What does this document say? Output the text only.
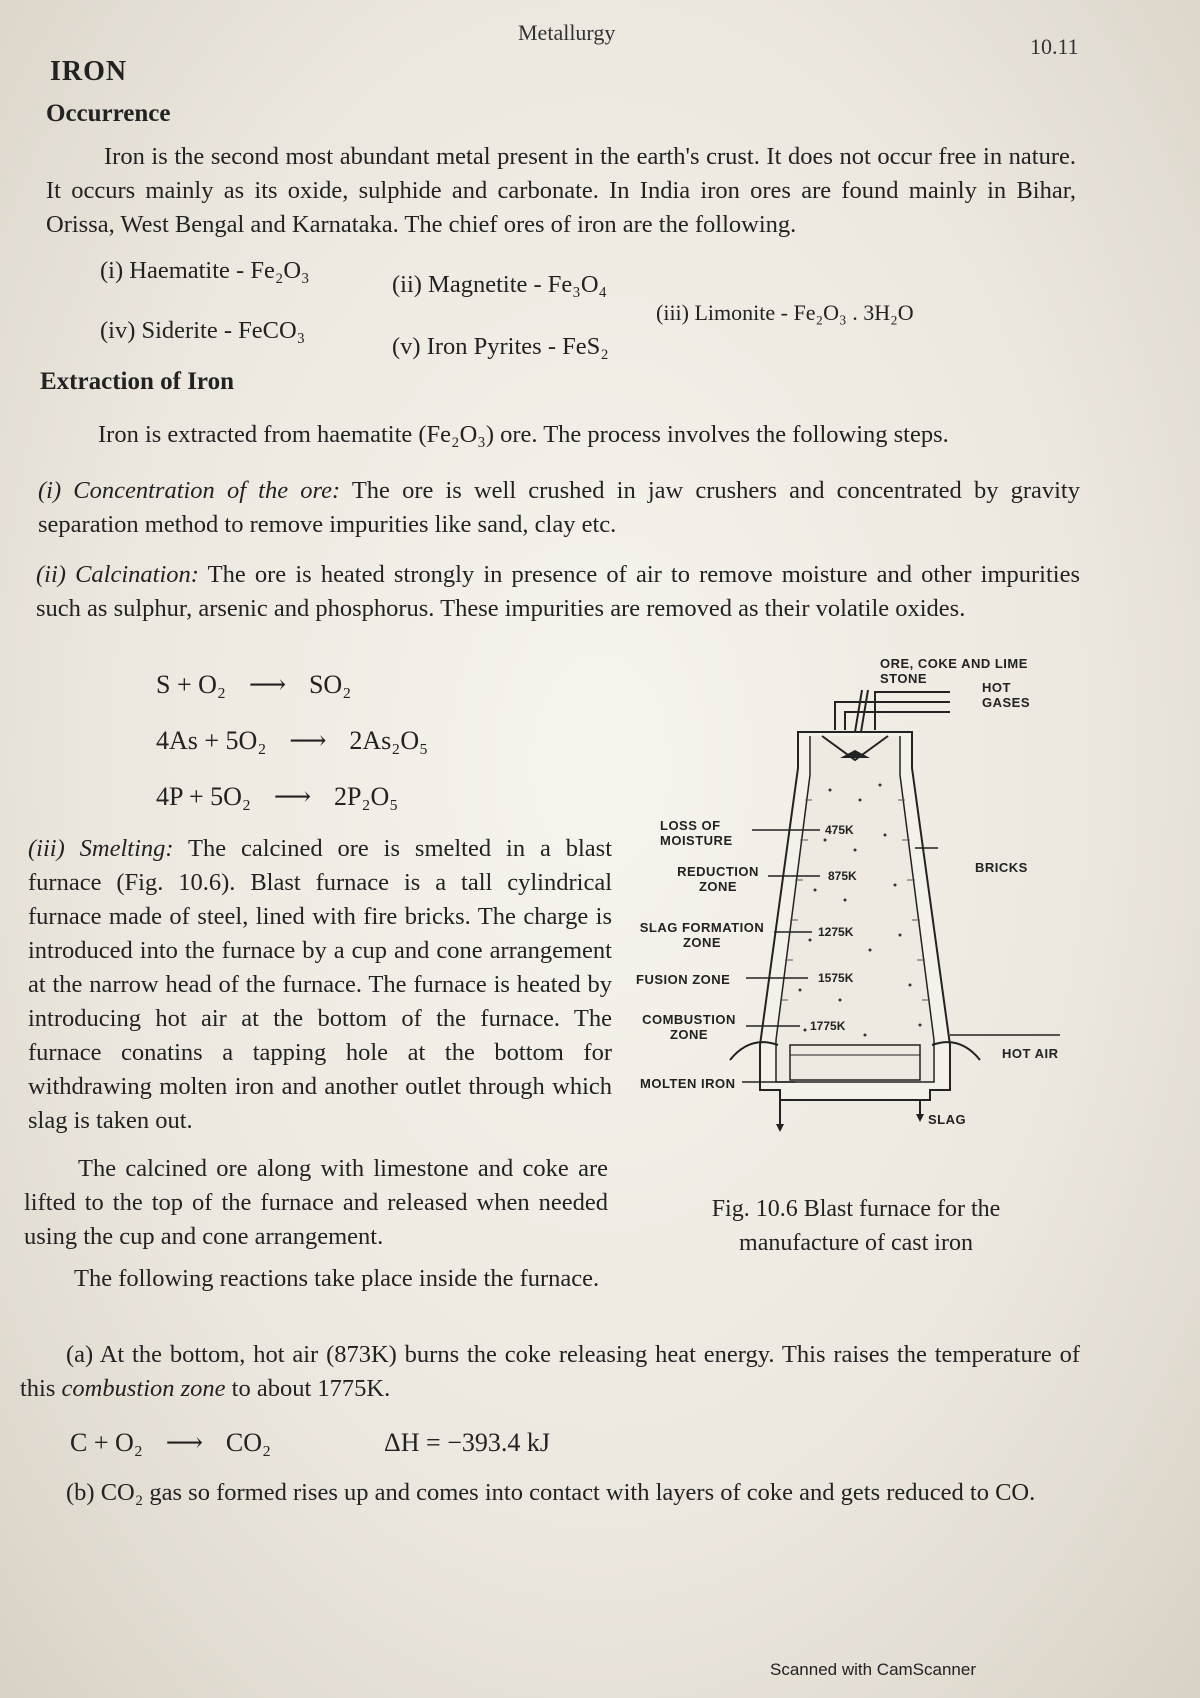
Metallurgy
10.11
IRON
Occurrence
Iron is the second most abundant metal present in the earth's crust. It does not occur free in nature. It occurs mainly as its oxide, sulphide and carbonate. In India iron ores are found mainly in Bihar, Orissa, West Bengal and Karnataka. The chief ores of iron are the following.
(i) Haematite - Fe₂O₃
(ii) Magnetite - Fe₃O₄
(iii) Limonite - Fe₂O₃ . 3H₂O
(iv) Siderite - FeCO₃
(v) Iron Pyrites - FeS₂
Extraction of Iron
Iron is extracted from haematite (Fe₂O₃) ore. The process involves the following steps.
(i) Concentration of the ore: The ore is well crushed in jaw crushers and concentrated by gravity separation method to remove impurities like sand, clay etc.
(ii) Calcination: The ore is heated strongly in presence of air to remove moisture and other impurities such as sulphur, arsenic and phosphorus. These impurities are removed as their volatile oxides.
S + O₂ ⟶ SO₂
4As + 5O₂ ⟶ 2As₂O₅
4P + 5O₂ ⟶ 2P₂O₅
(iii) Smelting: The calcined ore is smelted in a blast furnace (Fig. 10.6). Blast furnace is a tall cylindrical furnace made of steel, lined with fire bricks. The charge is introduced into the furnace by a cup and cone arrangement at the narrow head of the furnace. The furnace is heated by introducing hot air at the bottom of the furnace. The furnace conatins a tapping hole at the bottom for withdrawing molten iron and another outlet through which slag is taken out.
The calcined ore along with limestone and coke are lifted to the top of the furnace and released when needed using the cup and cone arrangement.
The following reactions take place inside the furnace.
475K
875K
1275K
1575K
1775K
ORE, COKE AND LIME STONE
HOT GASES
BRICKS
LOSS OF MOISTURE
REDUCTION ZONE
SLAG FORMATION ZONE
FUSION ZONE
COMBUSTION ZONE
MOLTEN IRON
HOT AIR
SLAG
Fig. 10.6 Blast furnace for the manufacture of cast iron
(a) At the bottom, hot air (873K) burns the coke releasing heat energy. This raises the temperature of this combustion zone to about 1775K.
C + O₂ ⟶ CO₂	ΔH = −393.4 kJ
(b) CO₂ gas so formed rises up and comes into contact with layers of coke and gets reduced to CO.
Scanned with CamScanner
